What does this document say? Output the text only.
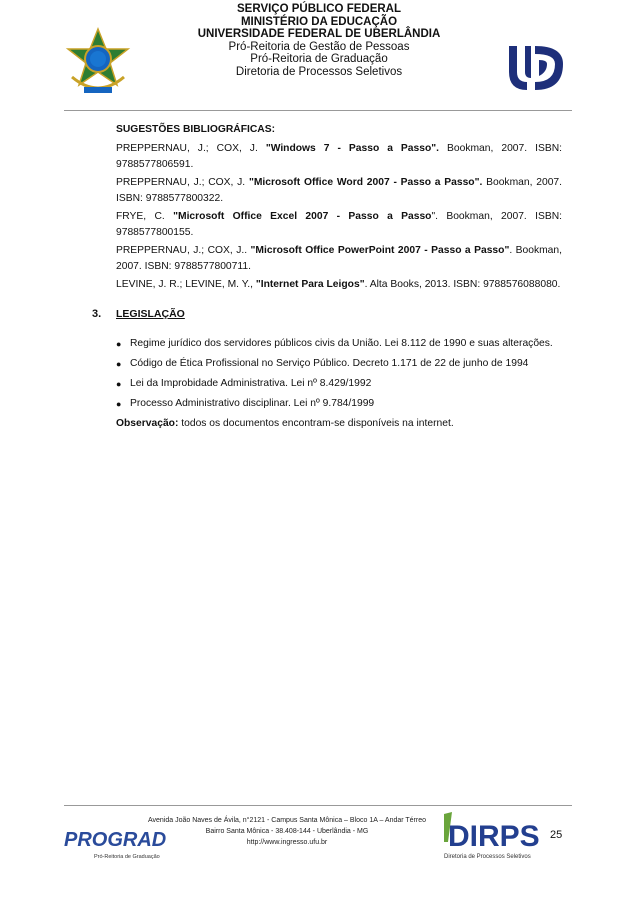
SERVIÇO PÚBLICO FEDERAL
MINISTÉRIO DA EDUCAÇÃO
UNIVERSIDADE FEDERAL DE UBERLÂNDIA
Pró-Reitoria de Gestão de Pessoas
Pró-Reitoria de Graduação
Diretoria de Processos Seletivos

SUGESTÕES BIBLIOGRÁFICAS:

PREPPERNAU, J.; COX, J. "Windows 7 - Passo a Passo". Bookman, 2007. ISBN: 9788577806591.

PREPPERNAU, J.; COX, J. "Microsoft Office Word 2007 - Passo a Passo". Bookman, 2007. ISBN: 9788577800322.

FRYE, C. "Microsoft Office Excel 2007 - Passo a Passo". Bookman, 2007. ISBN: 9788577800155.

PREPPERNAU, J.; COX, J.. "Microsoft Office PowerPoint 2007 - Passo a Passo". Bookman, 2007. ISBN: 9788577800711.

LEVINE, J. R.; LEVINE, M. Y., "Internet Para Leigos". Alta Books, 2013. ISBN: 9788576088080.

3. LEGISLAÇÃO
● Regime jurídico dos servidores públicos civis da União. Lei 8.112 de 1990 e suas alterações.
● Código de Ética Profissional no Serviço Público. Decreto 1.171 de 22 de junho de 1994
● Lei da Improbidade Administrativa. Lei nº 8.429/1992
● Processo Administrativo disciplinar. Lei nº 9.784/1999
Observação: todos os documentos encontram-se disponíveis na internet.
PROGRAD
Pró-Reitoria de Graduação
Avenida João Naves de Ávila, n°2121 - Campus Santa Mônica – Bloco 1A – Andar Térreo
Bairro Santa Mônica - 38.408-144 - Uberlândia - MG
http://www.ingresso.ufu.br	DIRPS
Diretoria de Processos Seletivos
25
